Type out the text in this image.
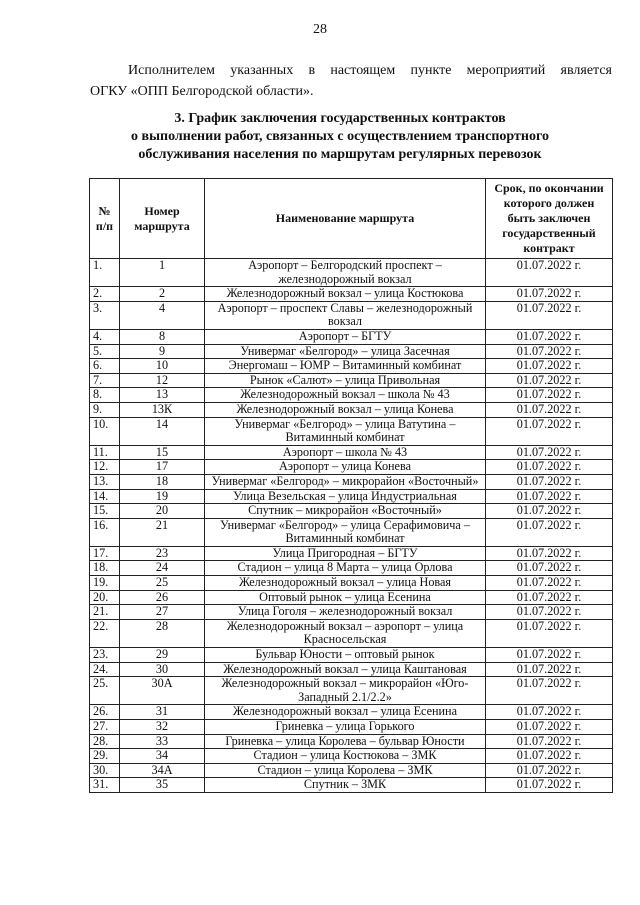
28
Исполнителем указанных в настоящем пункте мероприятий является
ОГКУ «ОПП Белгородской области».
3. График заключения государственных контрактов
о выполнении работ, связанных с осуществлением транспортного
обслуживания населения по маршрутам регулярных перевозок
№ п/п	Номер маршрута	Наименование маршрута	Срок, по окончании которого должен быть заключен государственный контракт
1.	1	Аэропорт – Белгородский проспект – железнодорожный вокзал	01.07.2022 г.
2.	2	Железнодорожный вокзал – улица Костюкова	01.07.2022 г.
3.	4	Аэропорт – проспект Славы – железнодорожный вокзал	01.07.2022 г.
4.	8	Аэропорт – БГТУ	01.07.2022 г.
5.	9	Универмаг «Белгород» – улица Засечная	01.07.2022 г.
6.	10	Энергомаш – ЮМР – Витаминный комбинат	01.07.2022 г.
7.	12	Рынок «Салют» – улица Привольная	01.07.2022 г.
8.	13	Железнодорожный вокзал – школа № 43	01.07.2022 г.
9.	13К	Железнодорожный вокзал – улица Конева	01.07.2022 г.
10.	14	Универмаг «Белгород» – улица Ватутина – Витаминный комбинат	01.07.2022 г.
11.	15	Аэропорт – школа № 43	01.07.2022 г.
12.	17	Аэропорт – улица Конева	01.07.2022 г.
13.	18	Универмаг «Белгород» – микрорайон «Восточный»	01.07.2022 г.
14.	19	Улица Везельская – улица Индустриальная	01.07.2022 г.
15.	20	Спутник – микрорайон «Восточный»	01.07.2022 г.
16.	21	Универмаг «Белгород» – улица Серафимовича – Витаминный комбинат	01.07.2022 г.
17.	23	Улица Пригородная – БГТУ	01.07.2022 г.
18.	24	Стадион – улица 8 Марта – улица Орлова	01.07.2022 г.
19.	25	Железнодорожный вокзал – улица Новая	01.07.2022 г.
20.	26	Оптовый рынок – улица Есенина	01.07.2022 г.
21.	27	Улица Гоголя – железнодорожный вокзал	01.07.2022 г.
22.	28	Железнодорожный вокзал – аэропорт – улица Красносельская	01.07.2022 г.
23.	29	Бульвар Юности – оптовый рынок	01.07.2022 г.
24.	30	Железнодорожный вокзал – улица Каштановая	01.07.2022 г.
25.	30А	Железнодорожный вокзал – микрорайон «Юго-Западный 2.1/2.2»	01.07.2022 г.
26.	31	Железнодорожный вокзал – улица Есенина	01.07.2022 г.
27.	32	Гриневка – улица Горького	01.07.2022 г.
28.	33	Гриневка – улица Королева – бульвар Юности	01.07.2022 г.
29.	34	Стадион – улица Костюкова – ЗМК	01.07.2022 г.
30.	34А	Стадион – улица Королева – ЗМК	01.07.2022 г.
31.	35	Спутник – ЗМК	01.07.2022 г.
